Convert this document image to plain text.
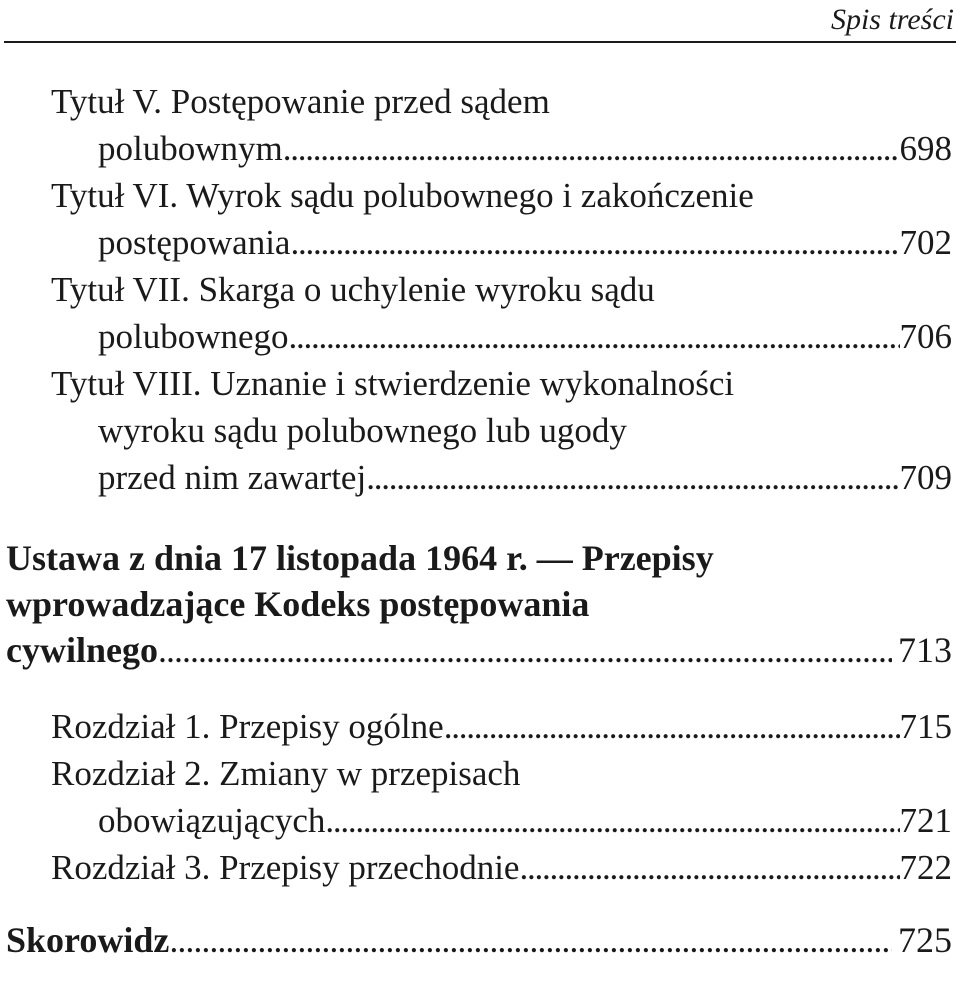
Spis treści
Tytuł V. Postępowanie przed sądem
polubownym . . .	698
Tytuł VI. Wyrok sądu polubownego i zakończenie
postępowania . . .	702
Tytuł VII. Skarga o uchylenie wyroku sądu
polubownego . . .	706
Tytuł VIII. Uznanie i stwierdzenie wykonalności
wyroku sądu polubownego lub ugody
przed nim zawartej . . .	709
Ustawa z dnia 17 listopada 1964 r. — Przepisy
wprowadzające Kodeks postępowania
cywilnego . . .	713
Rozdział 1. Przepisy ogólne . . .	715
Rozdział 2. Zmiany w przepisach
obowiązujących . . .	721
Rozdział 3. Przepisy przechodnie . . .	722
Skorowidz . . .	725
